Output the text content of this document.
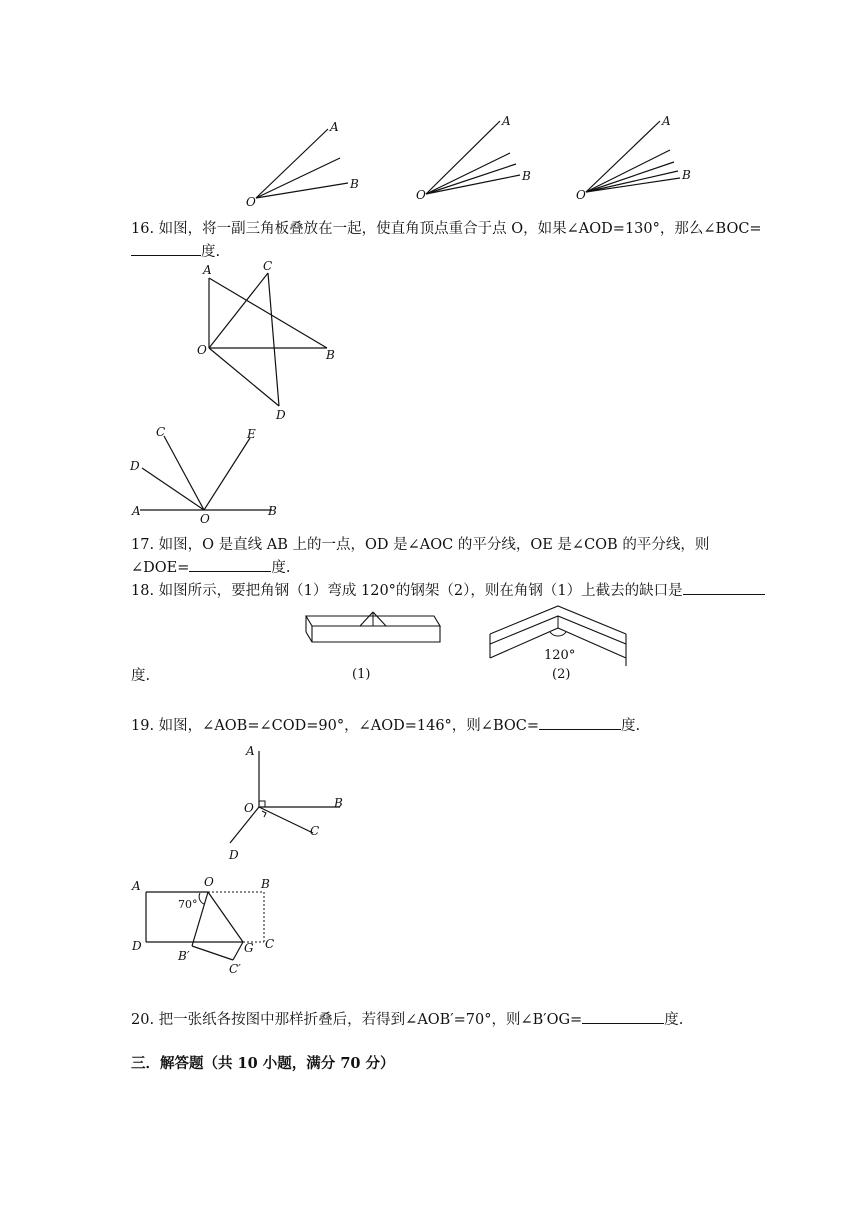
A
B
O
A
B
O
A
B
O
16. 如图，将一副三角板叠放在一起，使直角顶点重合于点 O，如果∠AOD=130°，那么∠BOC=
度.
A	C
O	B
D
C	E
D
A
O
B
17. 如图，O 是直线 AB 上的一点，OD 是∠AOC 的平分线，OE 是∠COB 的平分线，则
∠DOE=	度.
18. 如图所示，要把角钢（1）弯成 120°的钢架（2），则在角钢（1）上截去的缺口是
120°
(1)	(2)
度.
19. 如图，∠AOB=∠COD=90°，∠AOD=146°，则∠BOC=	度.
A
O	B
C
D
A	O	B
D
B′
G C
C′
70°
20. 把一张纸各按图中那样折叠后，若得到∠AOB′=70°，则∠B′OG=	度.
三．解答题（共 10 小题，满分 70 分）
